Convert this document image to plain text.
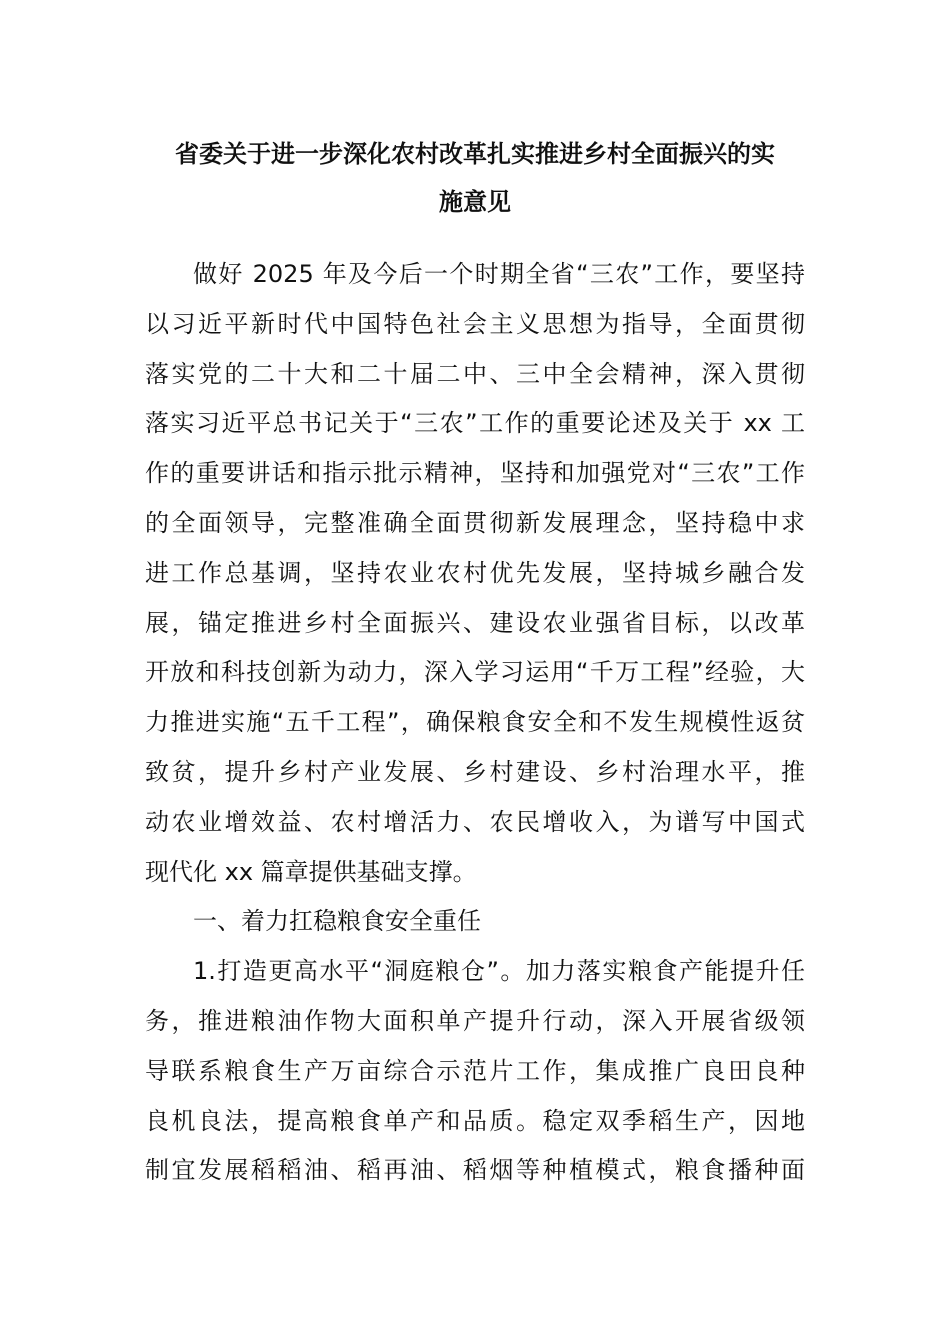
省委关于进一步深化农村改革扎实推进乡村全面振兴的实
施意见
做好 2025 年及今后一个时期全省“三农”工作，要坚持
以习近平新时代中国特色社会主义思想为指导，全面贯彻
落实党的二十大和二十届二中、三中全会精神，深入贯彻
落实习近平总书记关于“三农”工作的重要论述及关于 xx 工
作的重要讲话和指示批示精神，坚持和加强党对“三农”工作
的全面领导，完整准确全面贯彻新发展理念，坚持稳中求
进工作总基调，坚持农业农村优先发展，坚持城乡融合发
展，锚定推进乡村全面振兴、建设农业强省目标，以改革
开放和科技创新为动力，深入学习运用“千万工程”经验，大
力推进实施“五千工程”，确保粮食安全和不发生规模性返贫
致贫，提升乡村产业发展、乡村建设、乡村治理水平，推
动农业增效益、农村增活力、农民增收入，为谱写中国式
现代化 xx 篇章提供基础支撑。
一、着力扛稳粮食安全重任
1.打造更高水平“洞庭粮仓”。加力落实粮食产能提升任
务，推进粮油作物大面积单产提升行动，深入开展省级领
导联系粮食生产万亩综合示范片工作，集成推广良田良种
良机良法，提高粮食单产和品质。稳定双季稻生产，因地
制宜发展稻稻油、稻再油、稻烟等种植模式，粮食播种面
